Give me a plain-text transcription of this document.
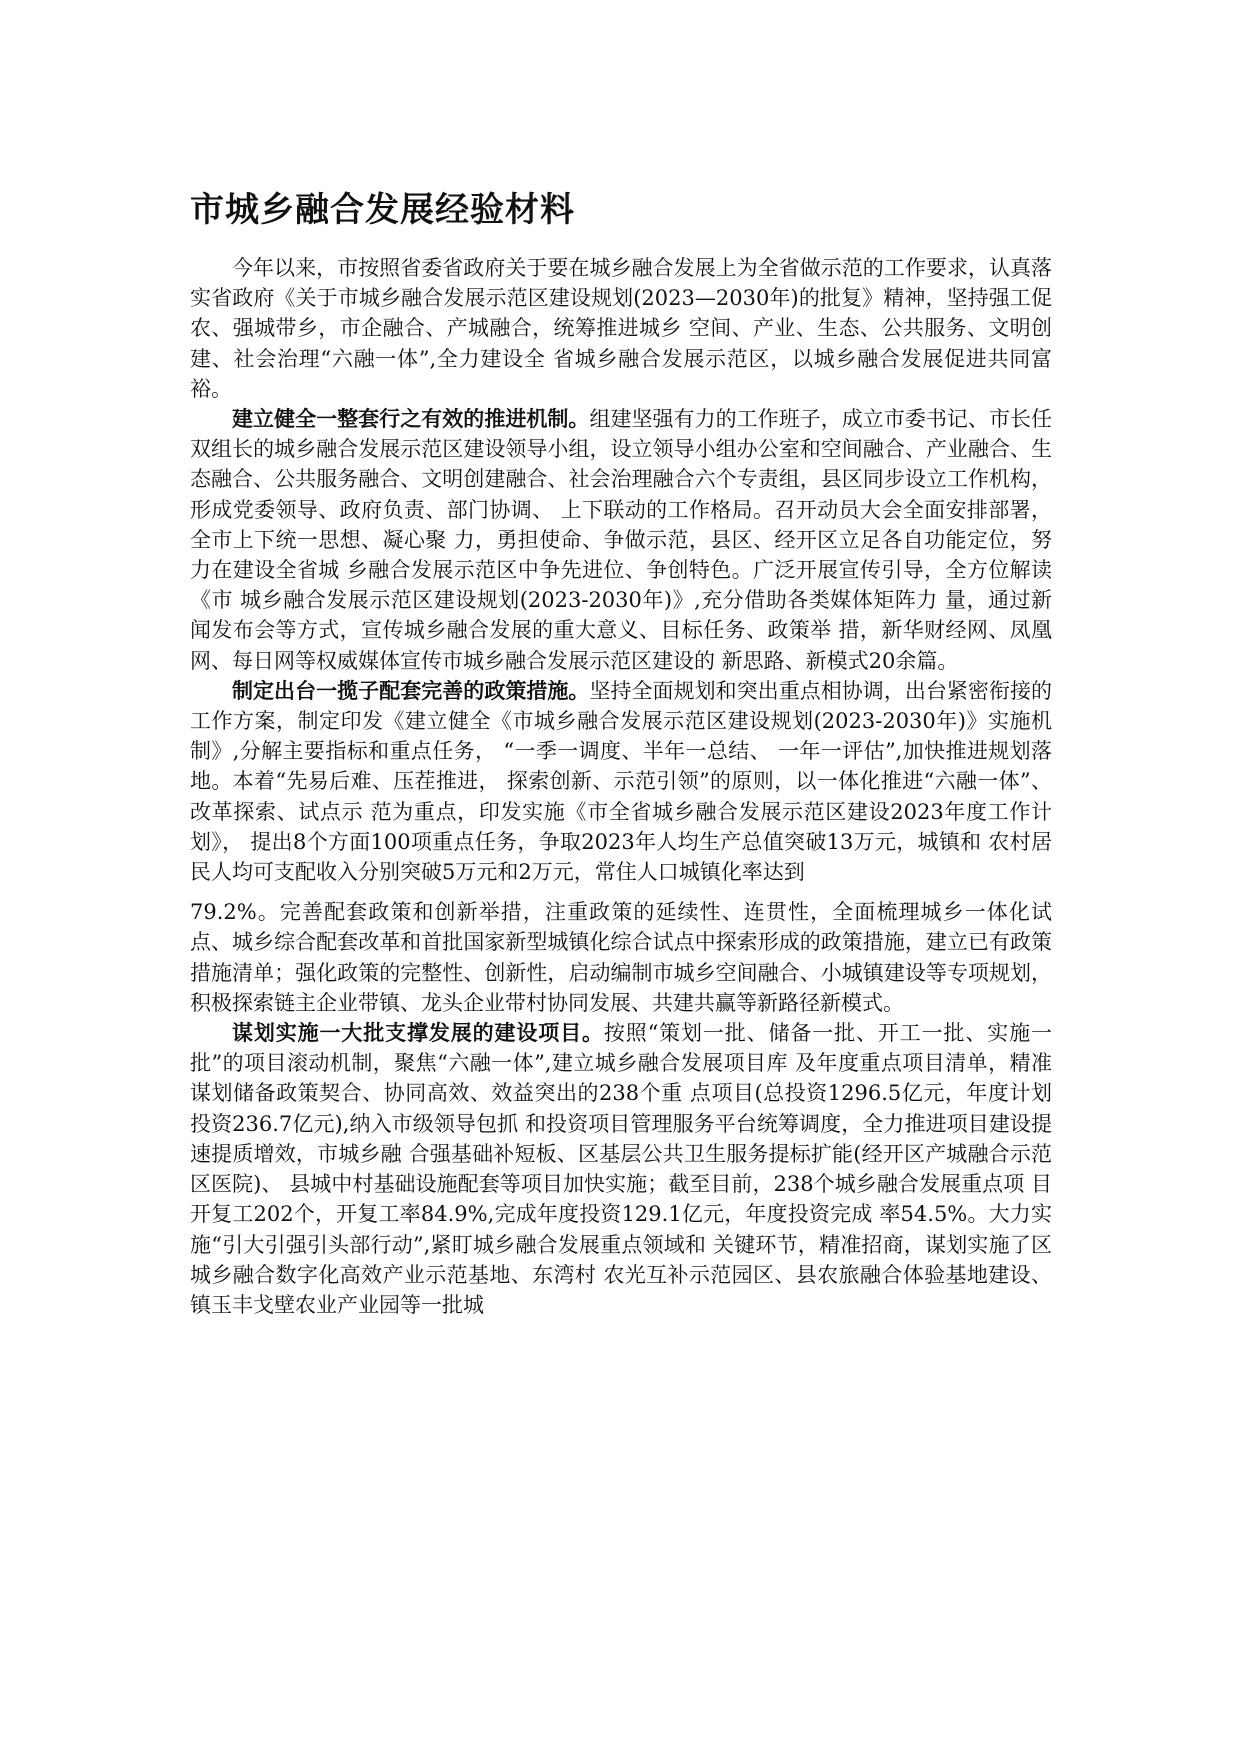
市城乡融合发展经验材料

今年以来，市按照省委省政府关于要在城乡融合发展上为全省做示范的工作要求，认真落实省政府《关于市城乡融合发展示范区建设规划(2023—2030年)的批复》精神，坚持强工促农、强城带乡，市企融合、产城融合，统筹推进城乡 空间、产业、生态、公共服务、文明创建、社会治理“六融一体”,全力建设全 省城乡融合发展示范区，以城乡融合发展促进共同富裕。

建立健全一整套行之有效的推进机制。组建坚强有力的工作班子，成立市委书记、市长任双组长的城乡融合发展示范区建设领导小组，设立领导小组办公室和空间融合、产业融合、生态融合、公共服务融合、文明创建融合、社会治理融合六个专责组，县区同步设立工作机构，形成党委领导、政府负责、部门协调、 上下联动的工作格局。召开动员大会全面安排部署，全市上下统一思想、凝心聚 力，勇担使命、争做示范，县区、经开区立足各自功能定位，努力在建设全省城 乡融合发展示范区中争先进位、争创特色。广泛开展宣传引导，全方位解读《市 城乡融合发展示范区建设规划(2023-2030年)》,充分借助各类媒体矩阵力 量，通过新闻发布会等方式，宣传城乡融合发展的重大意义、目标任务、政策举 措，新华财经网、凤凰网、每日网等权威媒体宣传市城乡融合发展示范区建设的 新思路、新模式20余篇。

制定出台一揽子配套完善的政策措施。坚持全面规划和突出重点相协调，出台紧密衔接的工作方案，制定印发《建立健全《市城乡融合发展示范区建设规划(2023-2030年)》实施机制》,分解主要指标和重点任务， “一季一调度、半年一总结、 一年一评估”,加快推进规划落地。本着“先易后难、压茬推进， 探索创新、示范引领”的原则，以一体化推进“六融一体”、改革探索、试点示 范为重点，印发实施《市全省城乡融合发展示范区建设2023年度工作计划》， 提出8个方面100项重点任务，争取2023年人均生产总值突破13万元，城镇和 农村居民人均可支配收入分别突破5万元和2万元，常住人口城镇化率达到

79.2%。完善配套政策和创新举措，注重政策的延续性、连贯性，全面梳理城乡一体化试点、城乡综合配套改革和首批国家新型城镇化综合试点中探索形成的政策措施，建立已有政策措施清单；强化政策的完整性、创新性，启动编制市城乡空间融合、小城镇建设等专项规划，积极探索链主企业带镇、龙头企业带村协同发展、共建共赢等新路径新模式。

谋划实施一大批支撑发展的建设项目。按照“策划一批、储备一批、开工一批、实施一批”的项目滚动机制，聚焦“六融一体”,建立城乡融合发展项目库 及年度重点项目清单，精准谋划储备政策契合、协同高效、效益突出的238个重 点项目(总投资1296.5亿元，年度计划投资236.7亿元),纳入市级领导包抓 和投资项目管理服务平台统筹调度，全力推进项目建设提速提质增效，市城乡融 合强基础补短板、区基层公共卫生服务提标扩能(经开区产城融合示范区医院)、 县城中村基础设施配套等项目加快实施；截至目前，238个城乡融合发展重点项 目开复工202个，开复工率84.9%,完成年度投资129.1亿元，年度投资完成 率54.5%。大力实施“引大引强引头部行动”,紧盯城乡融合发展重点领域和 关键环节，精准招商，谋划实施了区城乡融合数字化高效产业示范基地、东湾村 农光互补示范园区、县农旅融合体验基地建设、镇玉丰戈壁农业产业园等一批城
